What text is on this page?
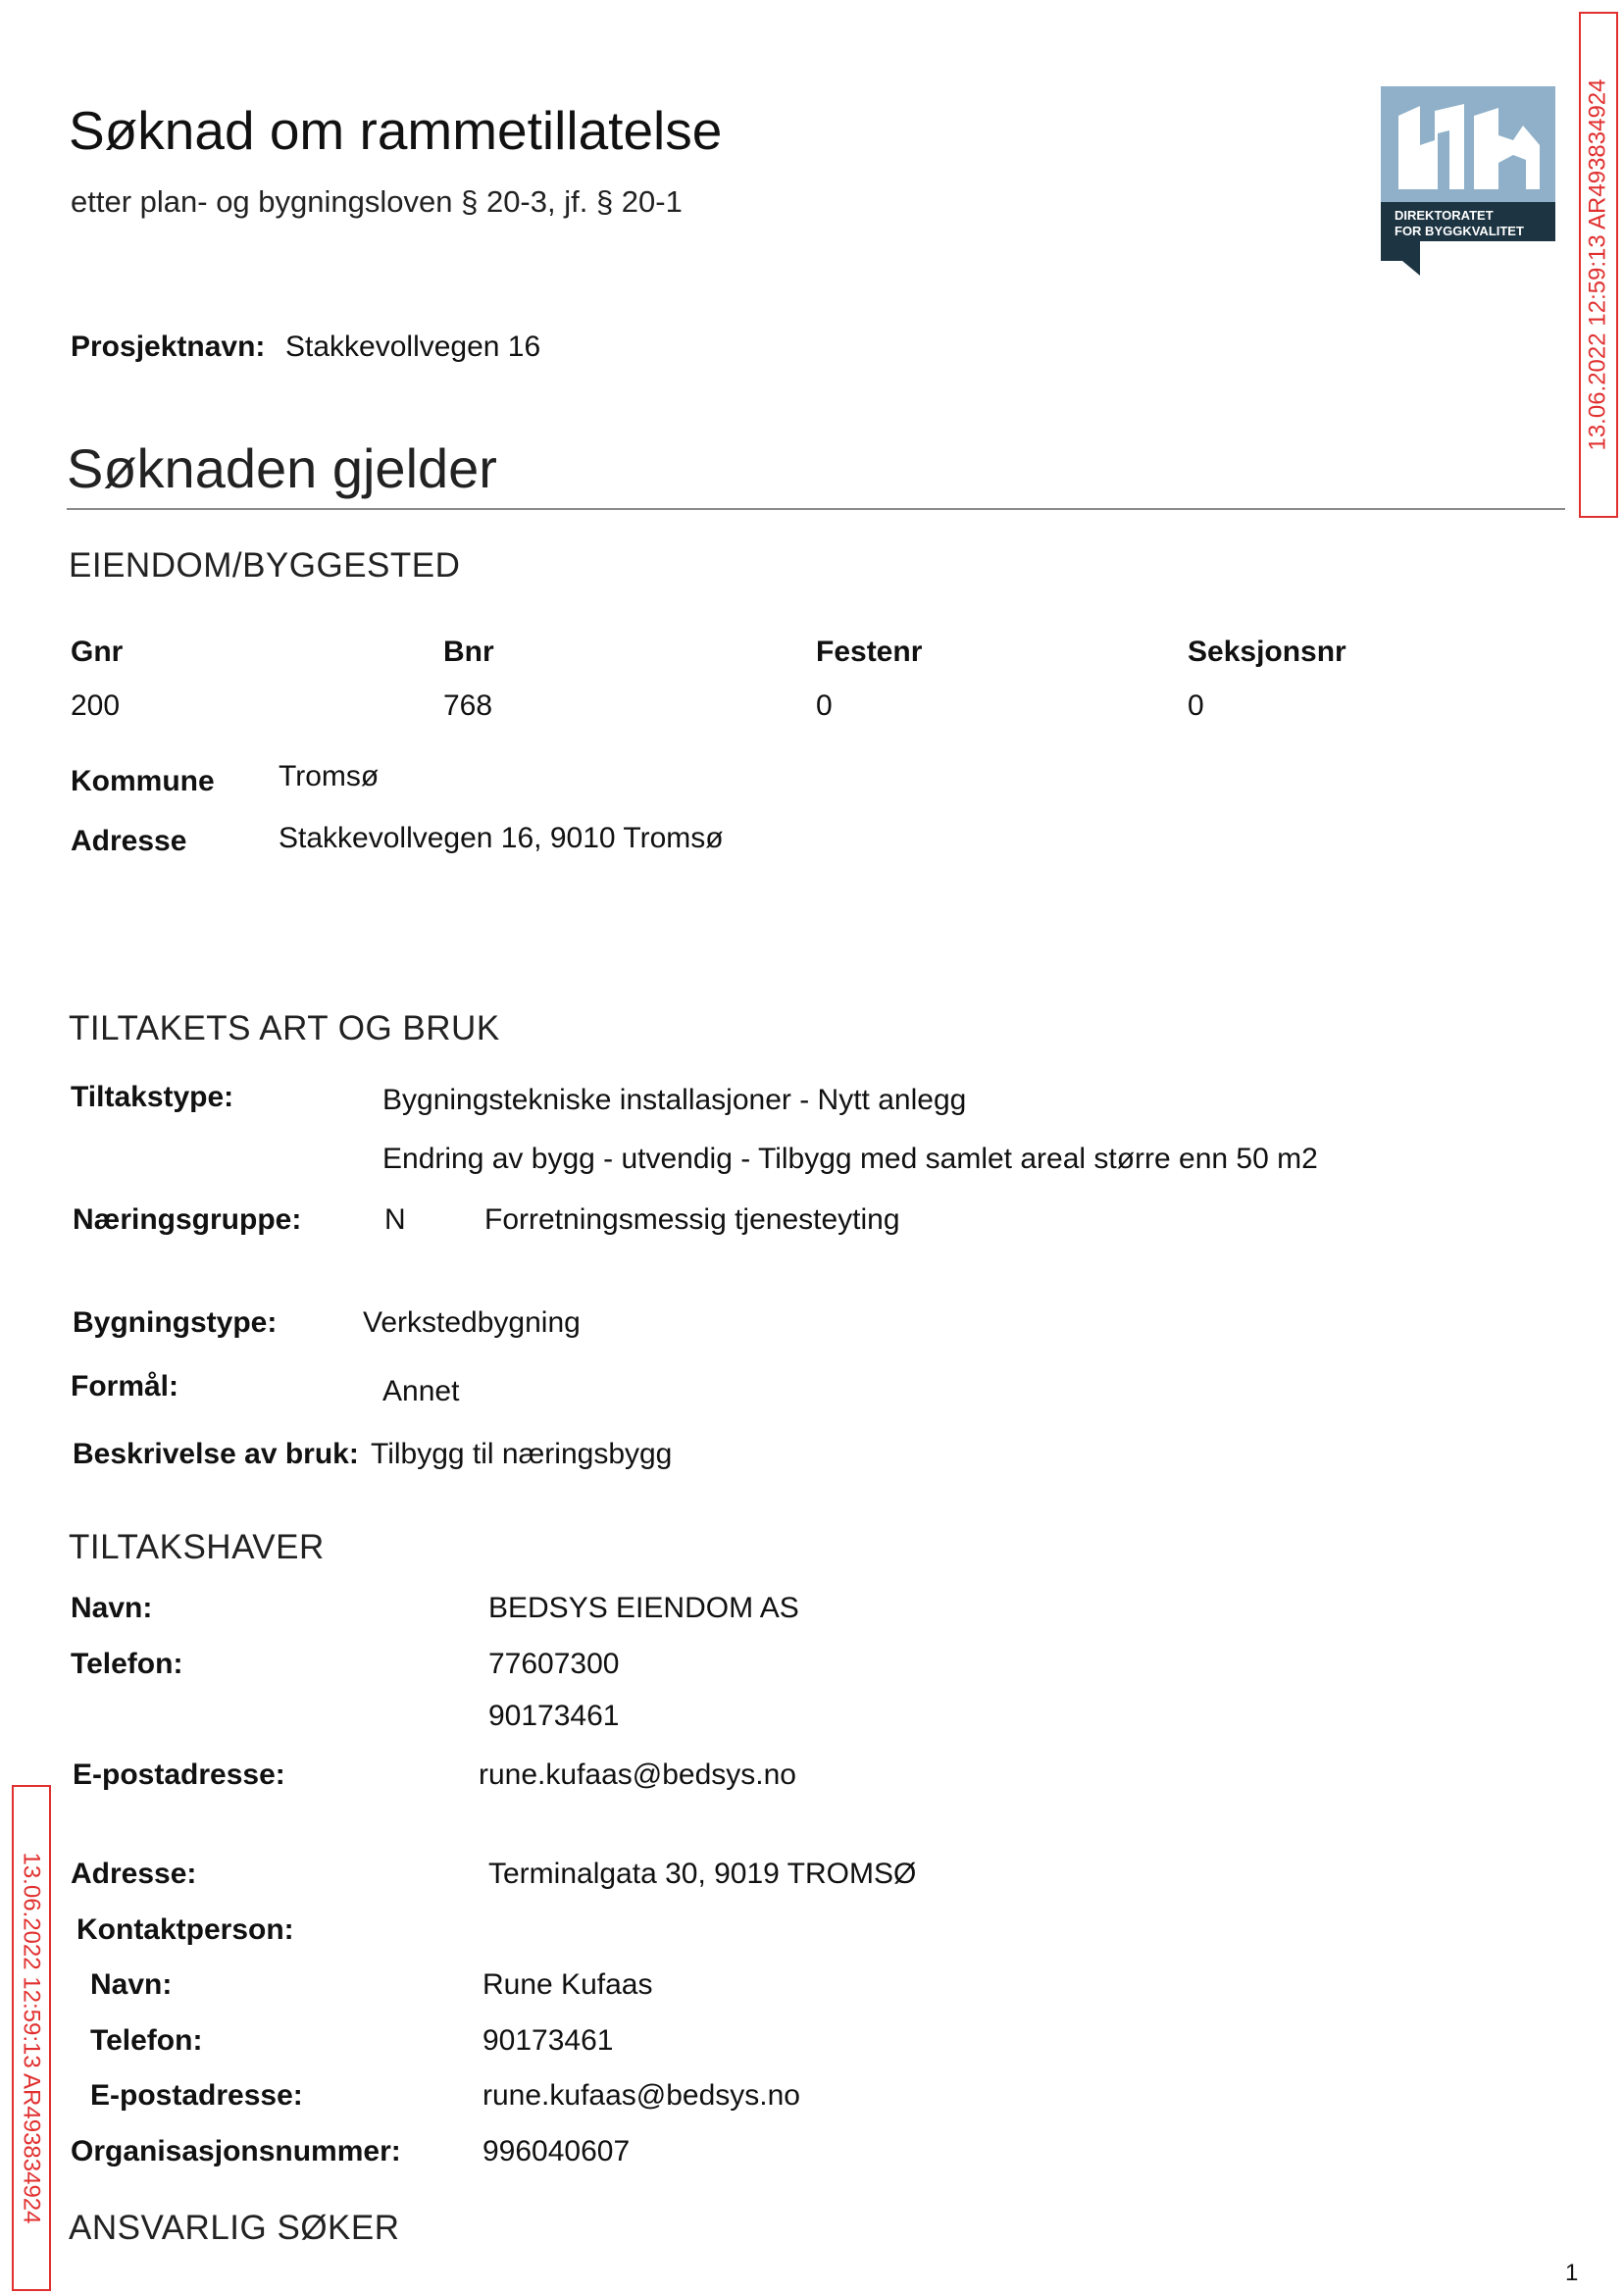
Søknad om rammetillatelse
etter plan- og bygningsloven § 20-3, jf. § 20-1	DIREKTORATET
FOR BYGGKVALITET	13.06.2022 12:59:13 AR493834924
Prosjektnavn: Stakkevollvegen 16
Søknaden gjelder
EIENDOM/BYGGESTED
Gnr	Bnr	Festenr	Seksjonsnr
200	768	0	0
Kommune Tromsø
Adresse	Stakkevollvegen 16, 9010 Tromsø
TILTAKETS ART OG BRUK
Tiltakstype:	Bygningstekniske installasjoner - Nytt anlegg
Endring av bygg - utvendig - Tilbygg med samlet areal større enn 50 m2
Næringsgruppe:	N	Forretningsmessig tjenesteyting
Bygningstype:	Verkstedbygning
Formål:	Annet
Beskrivelse av bruk: Tilbygg til næringsbygg
TILTAKSHAVER
Navn:	BEDSYS EIENDOM AS
Telefon:	77607300
90173461
E-postadresse:	rune.kufaas@bedsys.no
Adresse:	Terminalgata 30, 9019 TROMSØ
Kontaktperson:
Navn:	Rune Kufaas
Telefon:	90173461
E-postadresse:	rune.kufaas@bedsys.no
Organisasjonsnummer:	996040607
ANSVARLIG SØKER
13.06.2022 12:59:13 AR493834924
1
